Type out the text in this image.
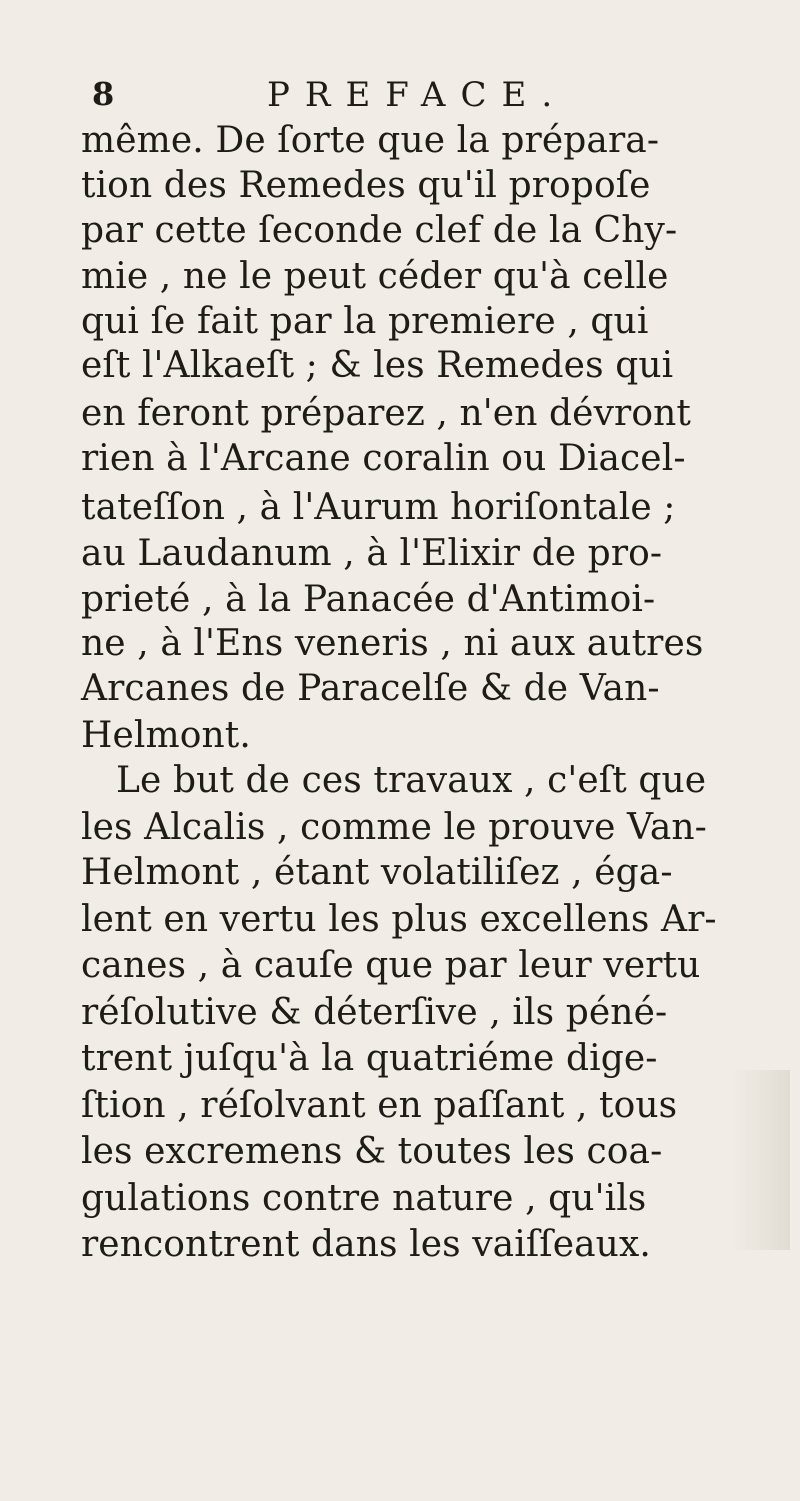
8	PREFACE.
même. De ſorte que la prépara-
tion des Remedes qu'il propoſe
par cette ſeconde clef de la Chy-
mie , ne le peut céder qu'à celle
qui ſe fait par la premiere , qui
eſt l'Alkaeſt ; & les Remedes qui
en feront préparez , n'en dévront
rien à l'Arcane coralin ou Diacel-
tateſſon , à l'Aurum horiſontale ;
au Laudanum , à l'Elixir de pro-
prieté , à la Panacée d'Antimoi-
ne , à l'Ens veneris , ni aux autres
Arcanes de Paracelſe & de Van-
Helmont.
Le but de ces travaux , c'eſt que
les Alcalis , comme le prouve Van-
Helmont , étant volatiliſez , éga-
lent en vertu les plus excellens Ar-
canes , à cauſe que par leur vertu
réſolutive & déterſive , ils péné-
trent juſqu'à la quatriéme dige-
ſtion , réſolvant en paſſant , tous
les excremens & toutes les coa-
gulations contre nature , qu'ils
rencontrent dans les vaiſſeaux.
